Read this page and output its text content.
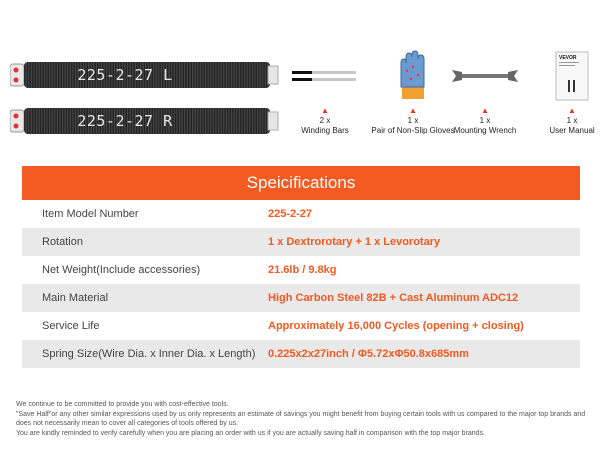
225-2-27 L
225-2-27 R
▲
2 x
Winding Bars
▲
1 x
Pair of Non-Slip Gloves
▲
1 x
Mounting Wrench
VEVOR
▲
1 x
User Manual
Speicifications
Item Model Number	225-2-27
Rotation	1 x Dextrorotary + 1 x Levorotary
Net Weight(Include accessories)	21.6lb / 9.8kg
Main Material	High Carbon Steel 82B + Cast Aluminum ADC12
Service Life	Approximately 16,000 Cycles (opening + closing)
Spring Size(Wire Dia. x Inner Dia. x Length)	0.225x2x27inch / Φ5.72xΦ50.8x685mm

We continue to be committed to provide you with cost-effective tools.

"Save Half"or any other similar expressions used by us only represents an estimate of savings you might benefit from buying certain tools with us compared to the major top brands and does not necessarily mean to cover all categories of tools offered by us.

You are kindly reminded to verify carefully when you are placing an order with us if you are actually saving half in comparison with the top major brands.
